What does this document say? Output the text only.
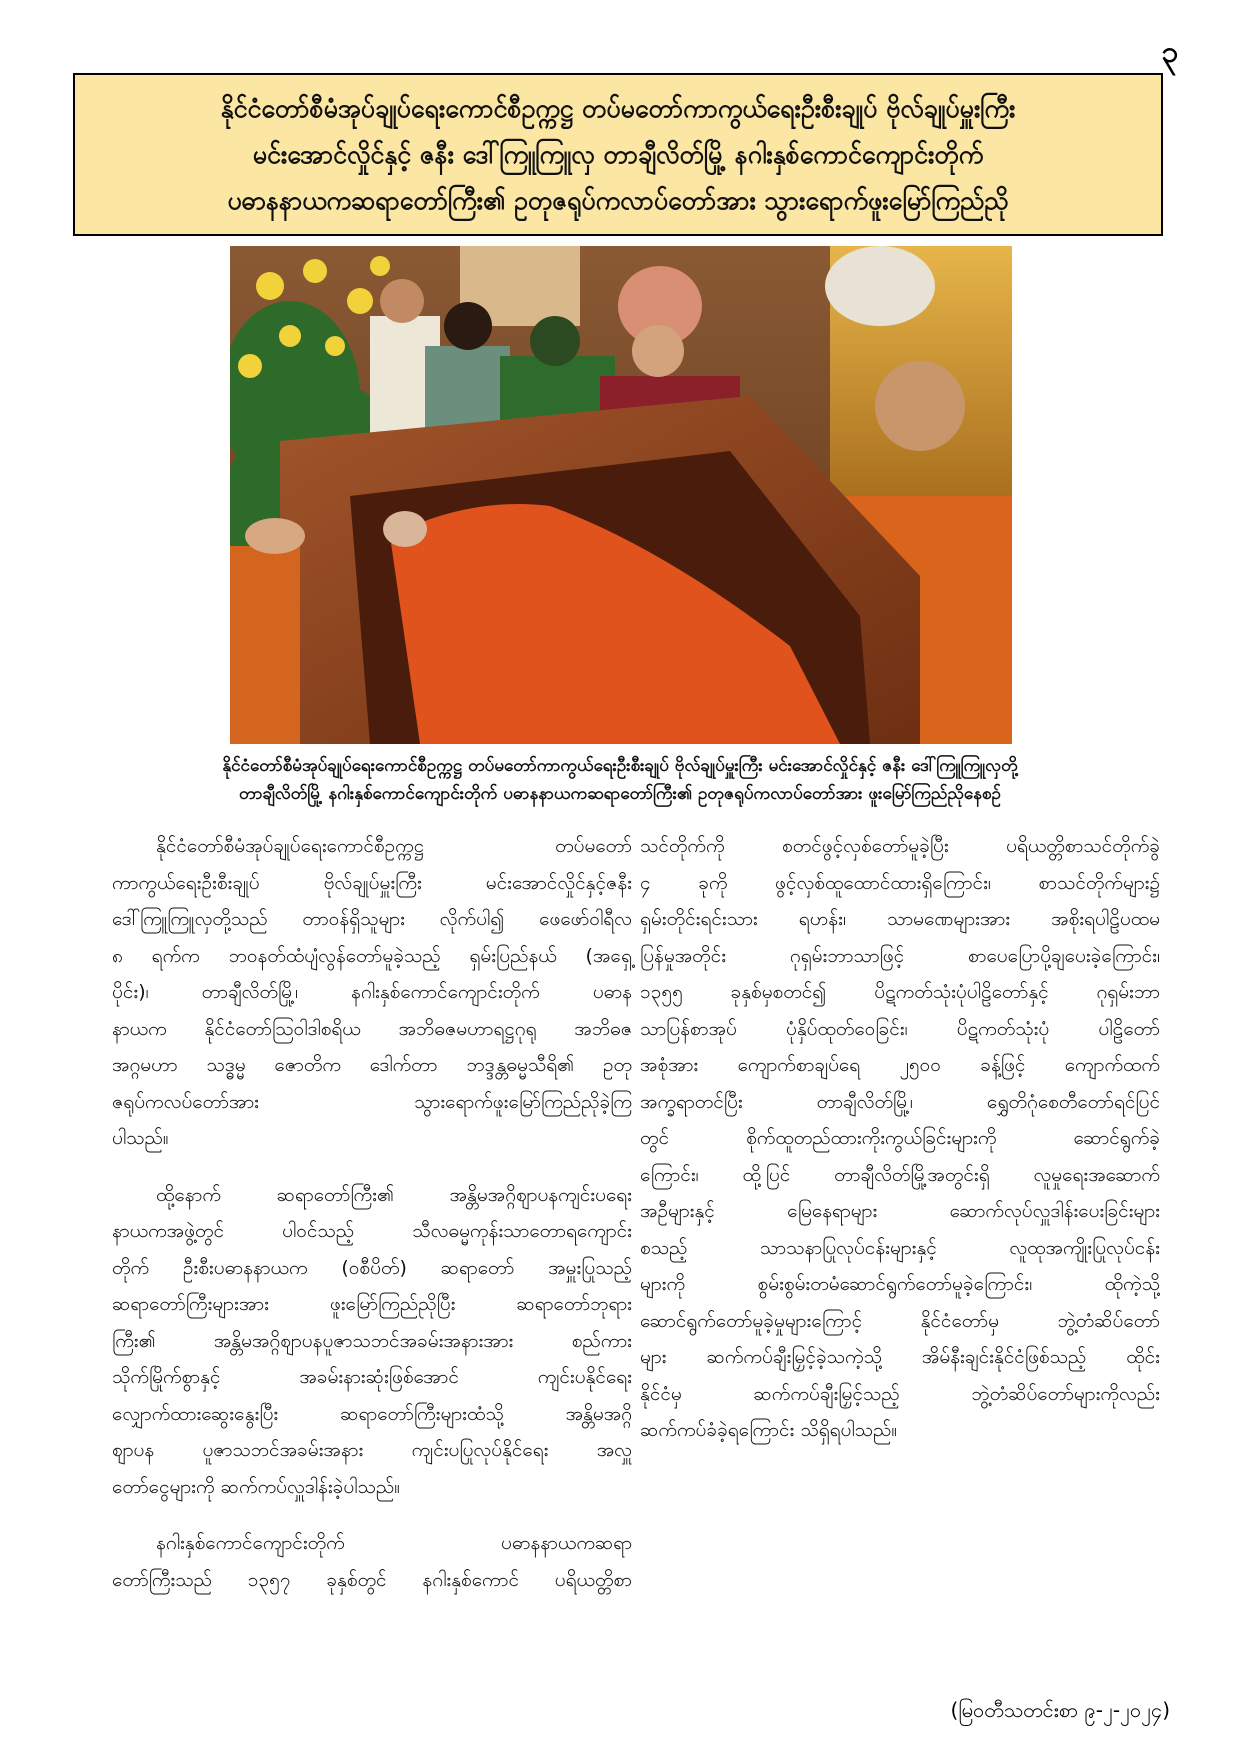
၃
နိုင်ငံတော်စီမံအုပ်ချုပ်ရေးကောင်စီဥက္ကဋ္ဌ တပ်မတော်ကာကွယ်ရေးဦးစီးချုပ် ဗိုလ်ချုပ်မှူးကြီး
မင်းအောင်လှိုင်နှင့် ဇနီး ဒေါ်ကြူကြူလှ တာချီလိတ်မြို့ နဂါးနှစ်ကောင်ကျောင်းတိုက်
ပဓာနနာယကဆရာတော်ကြီး၏ ဥတုဇရုပ်ကလာပ်တော်အား သွားရောက်ဖူးမြော်ကြည်ညို
နိုင်ငံတော်စီမံအုပ်ချုပ်ရေးကောင်စီဥက္ကဋ္ဌ တပ်မတော်ကာကွယ်ရေးဦးစီးချုပ် ဗိုလ်ချုပ်မှူးကြီး မင်းအောင်လှိုင်နှင့် ဇနီး ဒေါ်ကြူကြူလှတို့
တာချီလိတ်မြို့ နဂါးနှစ်ကောင်ကျောင်းတိုက် ပဓာနနာယကဆရာတော်ကြီး၏ ဥတုဇရုပ်ကလာပ်တော်အား ဖူးမြော်ကြည်ညိုနေစဉ်
နိုင်ငံတော်စီမံအုပ်ချုပ်ရေးကောင်စီဥက္ကဋ္ဌ တပ်မတော်
ကာကွယ်ရေးဦးစီးချုပ် ဗိုလ်ချုပ်မှူးကြီး မင်းအောင်လှိုင်နှင့်ဇနီး
ဒေါ်ကြူကြူလှတို့သည် တာဝန်ရှိသူများ လိုက်ပါ၍ ဖေဖော်ဝါရီလ
၈ ရက်က ဘဝနတ်ထံပျံလွန်တော်မူခဲ့သည့် ရှမ်းပြည်နယ် (အရှေ့
ပိုင်း)၊ တာချီလိတ်မြို့၊ နဂါးနှစ်ကောင်ကျောင်းတိုက် ပဓာန
နာယက နိုင်ငံတော်ဩဝါဒါစရိယ အဘိဓဇမဟာရဋ္ဌဂုရု အဘိဓဇ
အဂ္ဂမဟာ သဒ္ဓမ္မ ဇောတိက ဒေါက်တာ ဘဒ္ဒန္တဓမ္မသီရိ၏ ဥတု
ဇရုပ်ကလပ်တော်အား သွားရောက်ဖူးမြော်ကြည်ညိုခဲ့ကြ
ပါသည်။
ထို့နောက် ဆရာတော်ကြီး၏ အန္တိမအဂ္ဂိစျာပနကျင်းပရေး
နာယကအဖွဲ့တွင် ပါဝင်သည့် သီလဓမ္မကုန်းသာတောရကျောင်း
တိုက် ဦးစီးပဓာနနာယက (ဝစီပိတ်) ဆရာတော် အမှူးပြုသည့်
ဆရာတော်ကြီးများအား ဖူးမြော်ကြည်ညိုပြီး ဆရာတော်ဘုရား
ကြီး၏ အန္တိမအဂ္ဂိစျာပနပူဇာသဘင်အခမ်းအနားအား စည်ကား
သိုက်မြိုက်စွာနှင့် အခမ်းနားဆုံးဖြစ်အောင် ကျင်းပနိုင်ရေး
လျှောက်ထားဆွေးနွေးပြီး ဆရာတော်ကြီးများထံသို့ အန္တိမအဂ္ဂိ
စျာပန ပူဇာသဘင်အခမ်းအနား ကျင်းပပြုလုပ်နိုင်ရေး အလှူ
တော်ငွေများကို ဆက်ကပ်လှူဒါန်းခဲ့ပါသည်။
နဂါးနှစ်ကောင်ကျောင်းတိုက် ပဓာနနာယကဆရာ
တော်ကြီးသည် ၁၃၅၇ ခုနှစ်တွင် နဂါးနှစ်ကောင် ပရိယတ္တိစာ
သင်တိုက်ကို စတင်ဖွင့်လှစ်တော်မူခဲ့ပြီး ပရိယတ္တိစာသင်တိုက်ခွဲ
၄ ခုကို ဖွင့်လှစ်ထူထောင်ထားရှိကြောင်း၊ စာသင်တိုက်များ၌
ရှမ်းတိုင်းရင်းသား ရဟန်း၊ သာမဏေများအား အစိုးရပါဠိပထမ
ပြန်မှုအတိုင်း ဂုရှမ်းဘာသာဖြင့် စာပေပြောပို့ချပေးခဲ့ကြောင်း၊
၁၃၅၅ ခုနှစ်မှစတင်၍ ပိဋကတ်သုံးပုံပါဠိတော်နှင့် ဂုရှမ်းဘာ
သာပြန်စာအုပ် ပုံနှိပ်ထုတ်ဝေခြင်း၊ ပိဋကတ်သုံးပုံ ပါဠိတော်
အစုံအား ကျောက်စာချပ်ရေ ၂၅၀၀ ခန့်ဖြင့် ကျောက်ထက်
အက္ခရာတင်ပြီး တာချီလိတ်မြို့၊ ရွှေတိဂုံစေတီတော်ရင်ပြင်
တွင် စိုက်ထူတည်ထားကိုးကွယ်ခြင်းများကို ဆောင်ရွက်ခဲ့
ကြောင်း၊ ထို့ပြင် တာချီလိတ်မြို့အတွင်းရှိ လူမှုရေးအဆောက်
အဦများနှင့် မြေနေရာများ ဆောက်လုပ်လှူဒါန်းပေးခြင်းများ
စသည့် သာသနာပြုလုပ်ငန်းများနှင့် လူထုအကျိုးပြုလုပ်ငန်း
များကို စွမ်းစွမ်းတမံဆောင်ရွက်တော်မူခဲ့ကြောင်း၊ ထိုကဲ့သို့
ဆောင်ရွက်တော်မူခဲ့မှုများကြောင့် နိုင်ငံတော်မှ ဘွဲ့တံဆိပ်တော်
များ ဆက်ကပ်ချီးမြှင့်ခဲ့သကဲ့သို့ အိမ်နီးချင်းနိုင်ငံဖြစ်သည့် ထိုင်း
နိုင်ငံမှ ဆက်ကပ်ချီးမြှင့်သည့် ဘွဲ့တံဆိပ်တော်များကိုလည်း
ဆက်ကပ်ခံခဲ့ရကြောင်း သိရှိရပါသည်။
(မြဝတီသတင်းစာ ၉-၂-၂၀၂၄)
